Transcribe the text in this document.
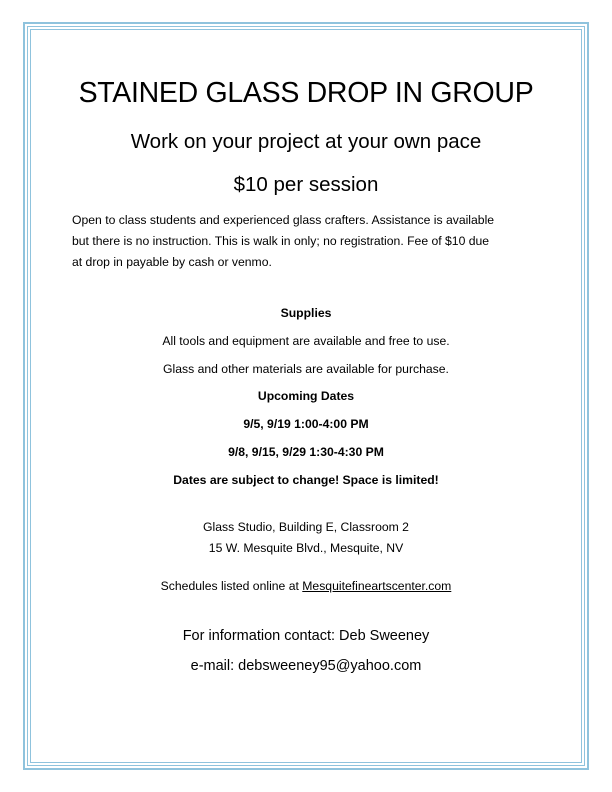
STAINED GLASS DROP IN GROUP
Work on your project at your own pace
$10 per session
Open to class students and experienced glass crafters. Assistance is available
but there is no instruction. This is walk in only; no registration. Fee of $10 due
at drop in payable by cash or venmo.
Supplies
All tools and equipment are available and free to use.
Glass and other materials are available for purchase.
Upcoming Dates
9/5, 9/19 1:00-4:00 PM
9/8, 9/15, 9/29 1:30-4:30 PM
Dates are subject to change! Space is limited!
Glass Studio, Building E, Classroom 2
15 W. Mesquite Blvd., Mesquite, NV
Schedules listed online at Mesquitefineartscenter.com
For information contact: Deb Sweeney
e-mail: debsweeney95@yahoo.com
